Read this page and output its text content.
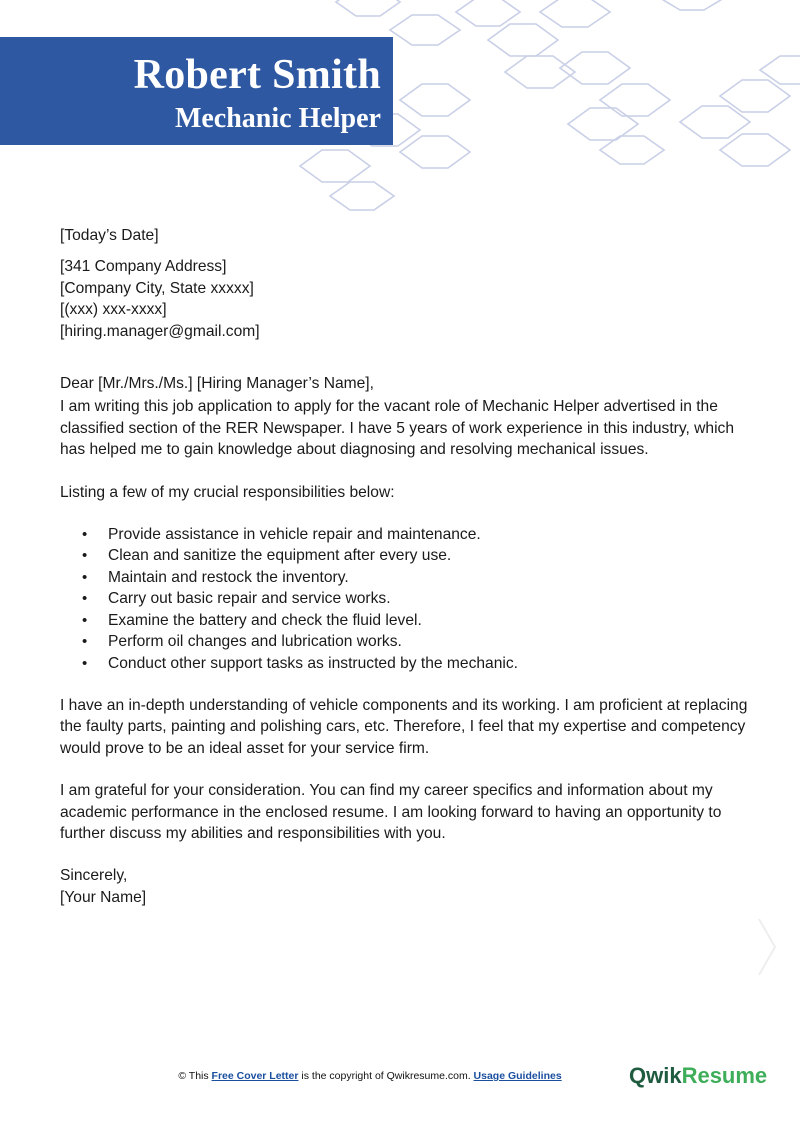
Robert Smith
Mechanic Helper

[Today’s Date]

[341 Company Address]

[Company City, State xxxxx]

[(xxx) xxx-xxxx]

[hiring.manager@gmail.com]

Dear [Mr./Mrs./Ms.] [Hiring Manager’s Name],

I am writing this job application to apply for the vacant role of Mechanic Helper advertised in the classified section of the RER Newspaper. I have 5 years of work experience in this industry, which has helped me to gain knowledge about diagnosing and resolving mechanical issues.

Listing a few of my crucial responsibilities below:

• Provide assistance in vehicle repair and maintenance.
• Clean and sanitize the equipment after every use.
• Maintain and restock the inventory.
• Carry out basic repair and service works.
• Examine the battery and check the fluid level.
• Perform oil changes and lubrication works.
• Conduct other support tasks as instructed by the mechanic.

I have an in-depth understanding of vehicle components and its working. I am proficient at replacing the faulty parts, painting and polishing cars, etc. Therefore, I feel that my expertise and competency would prove to be an ideal asset for your service firm.

I am grateful for your consideration. You can find my career specifics and information about my academic performance in the enclosed resume. I am looking forward to having an opportunity to further discuss my abilities and responsibilities with you.

Sincerely,

[Your Name]

© This Free Cover Letter is the copyright of Qwikresume.com. Usage Guidelines	QwikResume
